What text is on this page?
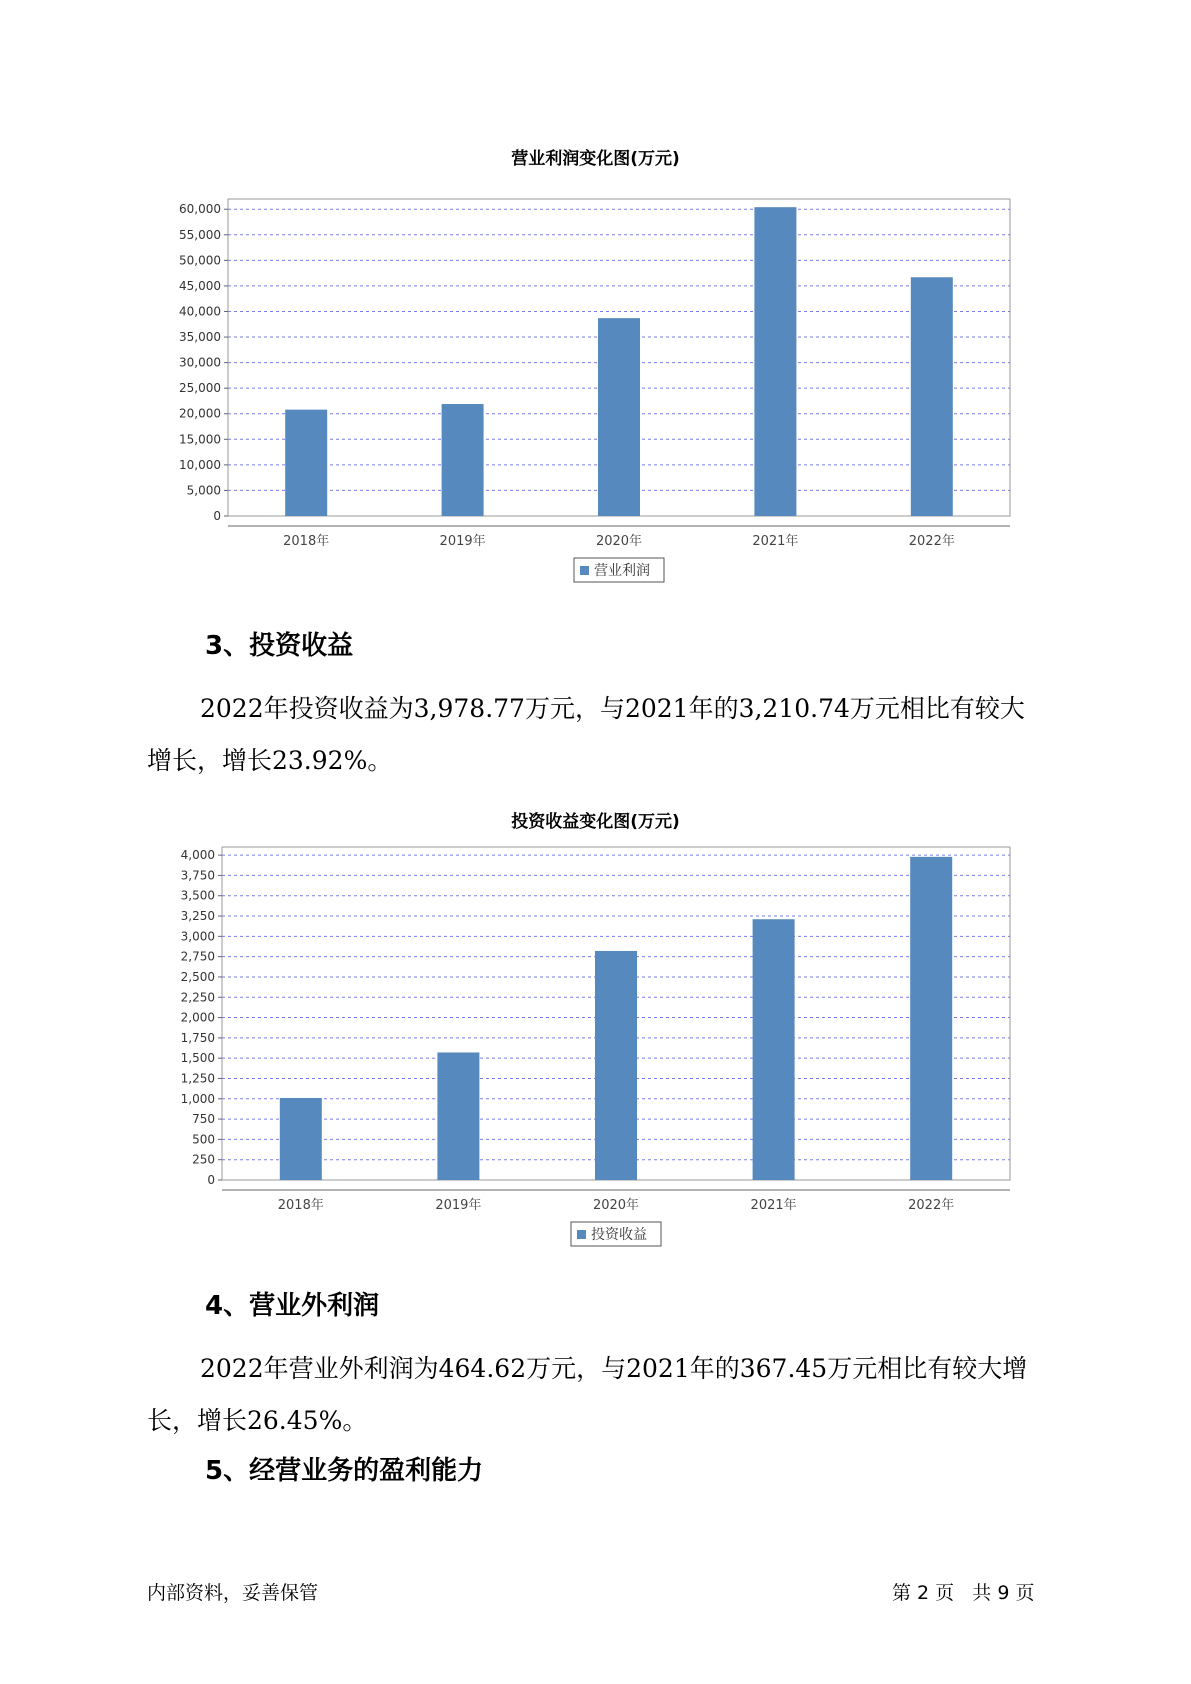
营业利润变化图(万元)
0
5,000
10,000
15,000
20,000
25,000
30,000
35,000
40,000
45,000
50,000
55,000
60,000
2018年	2019年	2020年	2021年	2022年
营业利润
3、投资收益
2022年投资收益为3,978.77万元，与2021年的3,210.74万元相比有较大增长，增长23.92%。
投资收益变化图(万元)
0
250
500
750
1,000
1,250
1,500
1,750
2,000
2,250
2,500
2,750
3,000
3,250
3,500
3,750
4,000
2018年	2019年	2020年	2021年	2022年
投资收益
4、营业外利润
2022年营业外利润为464.62万元，与2021年的367.45万元相比有较大增长，增长26.45%。
5、经营业务的盈利能力
内部资料，妥善保管	第 2 页   共 9 页
